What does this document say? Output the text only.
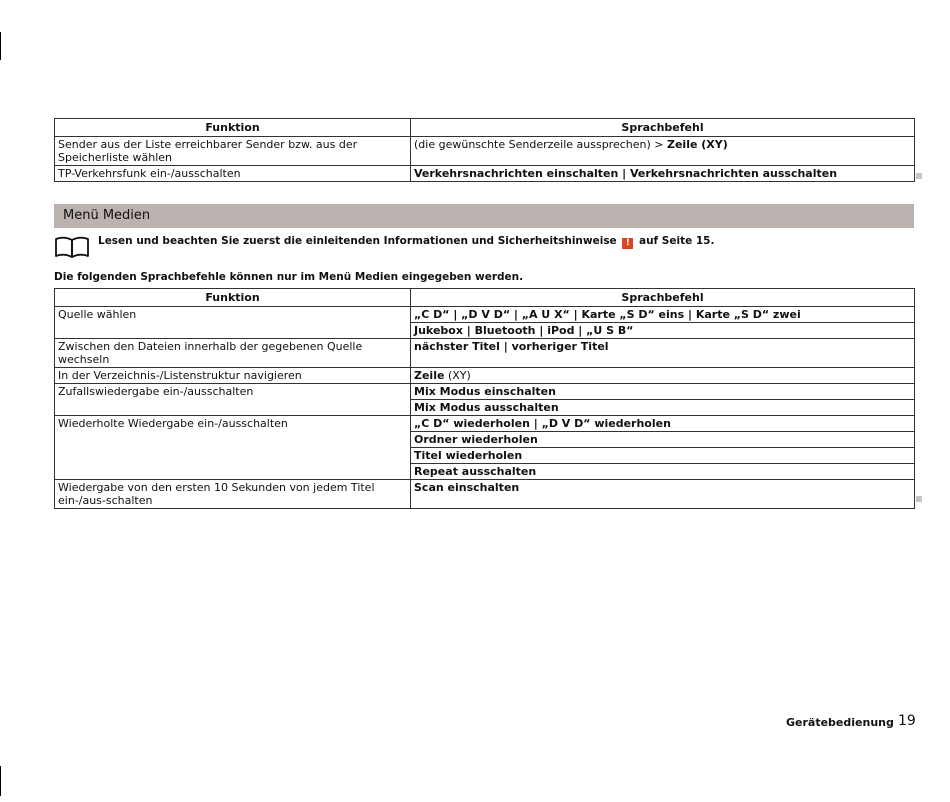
Funktion	Sprachbefehl
Sender aus der Liste erreichbarer Sender bzw. aus der Speicherliste wählen	(die gewünschte Senderzeile aussprechen) > Zeile (XY)
TP-Verkehrsfunk ein-/ausschalten	Verkehrsnachrichten einschalten | Verkehrsnachrichten ausschalten
Menü Medien
Lesen und beachten Sie zuerst die einleitenden Informationen und Sicherheitshinweise ! auf Seite 15.
Die folgenden Sprachbefehle können nur im Menü Medien eingegeben werden.
Funktion	Sprachbefehl
Quelle wählen	„C D“ | „D V D“ | „A U X“ | Karte „S D“ eins | Karte „S D“ zwei
	Jukebox | Bluetooth | iPod | „U S B“
Zwischen den Dateien innerhalb der gegebenen Quelle wechseln	nächster Titel | vorheriger Titel
In der Verzeichnis-/Listenstruktur navigieren	Zeile (XY)
Zufallswiedergabe ein-/ausschalten	Mix Modus einschalten
	Mix Modus ausschalten
Wiederholte Wiedergabe ein-/ausschalten	„C D“ wiederholen | „D V D“ wiederholen
	Ordner wiederholen
	Titel wiederholen
	Repeat ausschalten
Wiedergabe von den ersten 10 Sekunden von jedem Titel ein-/aus-schalten	Scan einschalten
Gerätebedienung 19
